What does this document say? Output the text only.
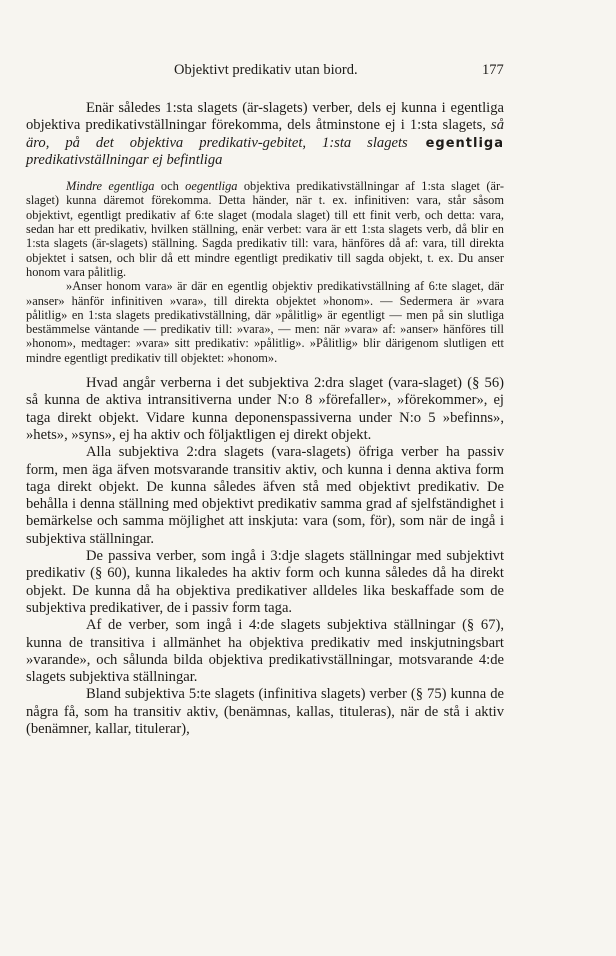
Objektivt predikativ utan biord.	177

Enär således 1:sta slagets (är-slagets) verber, dels ej kunna i egentliga objektiva predikativställningar förekomma, dels åtminstone ej i 1:sta slagets, så äro, på det objektiva predikativ-gebitet, 1:sta slagets egentliga predikativställningar ej befintliga

Mindre egentliga och oegentliga objektiva predikativställningar af 1:sta slaget (är-slaget) kunna däremot förekomma. Detta händer, när t. ex. infinitiven: vara, står såsom objektivt, egentligt predikativ af 6:te slaget (modala slaget) till ett finit verb, och detta: vara, sedan har ett predikativ, hvilken ställning, enär verbet: vara är ett 1:sta slagets verb, då blir en 1:sta slagets (är-slagets) ställning. Sagda predikativ till: vara, hänföres då af: vara, till direkta objektet i satsen, och blir då ett mindre egentligt predikativ till sagda objekt, t. ex. Du anser honom vara pålitlig.

»Anser honom vara» är där en egentlig objektiv predikativställning af 6:te slaget, där »anser» hänför infinitiven »vara», till direkta objektet »honom». — Sedermera är »vara pålitlig» en 1:sta slagets predikativställning, där »pålitlig» är egentligt — men på sin slutliga bestämmelse väntande — predikativ till: »vara», — men: när »vara» af: »anser» hänföres till »honom», medtager: »vara» sitt predikativ: »pålitlig». »Pålitlig» blir därigenom slutligen ett mindre egentligt predikativ till objektet: »honom».

Hvad angår verberna i det subjektiva 2:dra slaget (vara-slaget) (§ 56) så kunna de aktiva intransitiverna under N:o 8 »förefaller», »förekommer», ej taga direkt objekt. Vidare kunna deponenspassiverna under N:o 5 »befinns», »hets», »syns», ej ha aktiv och följaktligen ej direkt objekt.

Alla subjektiva 2:dra slagets (vara-slagets) öfriga verber ha passiv form, men äga äfven motsvarande transitiv aktiv, och kunna i denna aktiva form taga direkt objekt. De kunna således äfven stå med objektivt predikativ. De behålla i denna ställning med objektivt predikativ samma grad af sjelfständighet i bemärkelse och samma möjlighet att inskjuta: vara (som, för), som när de ingå i subjektiva ställningar.

De passiva verber, som ingå i 3:dje slagets ställningar med subjektivt predikativ (§ 60), kunna likaledes ha aktiv form och kunna således då ha direkt objekt. De kunna då ha objektiva predikativer alldeles lika beskaffade som de subjektiva predikativer, de i passiv form taga.

Af de verber, som ingå i 4:de slagets subjektiva ställningar (§ 67), kunna de transitiva i allmänhet ha objektiva predikativ med inskjutningsbart »varande», och sålunda bilda objektiva predikativställningar, motsvarande 4:de slagets subjektiva ställningar.

Bland subjektiva 5:te slagets (infinitiva slagets) verber (§ 75) kunna de några få, som ha transitiv aktiv, (benämnas, kallas, tituleras), när de stå i aktiv (benämner, kallar, titulerar),
